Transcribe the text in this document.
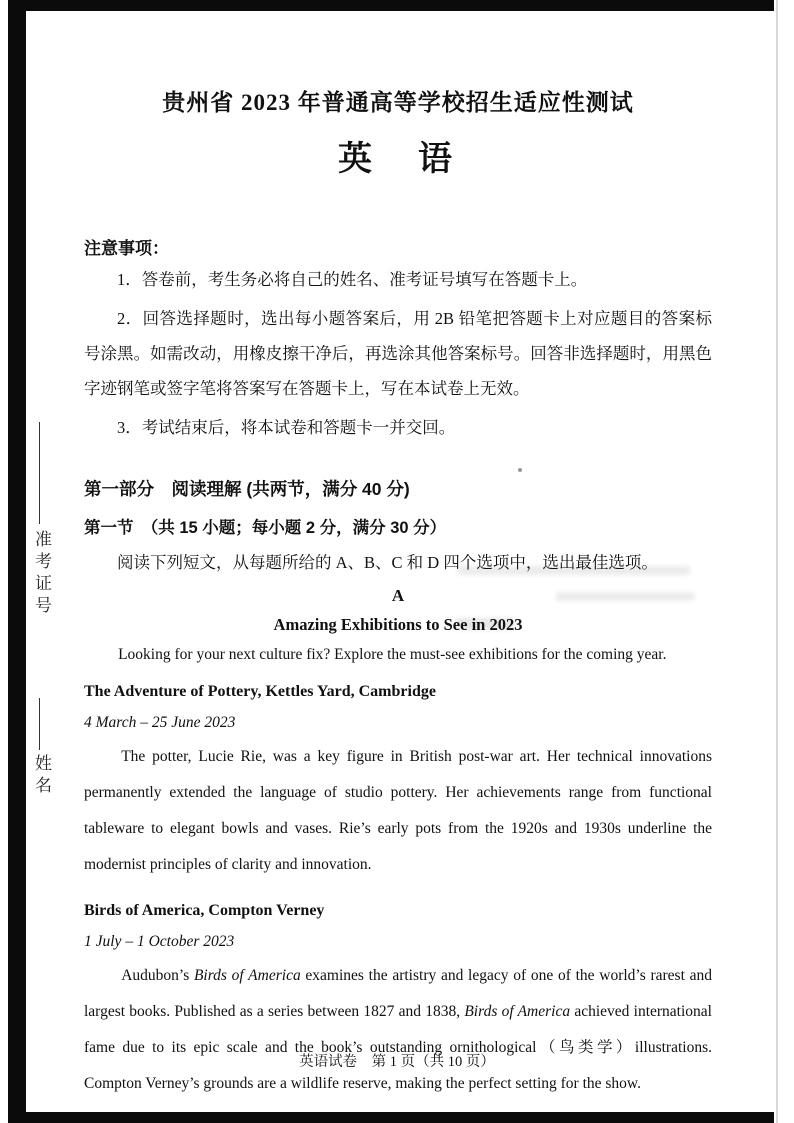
准考证号
姓名
贵州省 2023 年普通高等学校招生适应性测试
英　语
注意事项：
1．答卷前，考生务必将自己的姓名、准考证号填写在答题卡上。
2．回答选择题时，选出每小题答案后，用 2B 铅笔把答题卡上对应题目的答案标号涂黑。如需改动，用橡皮擦干净后，再选涂其他答案标号。回答非选择题时，用黑色字迹钢笔或签字笔将答案写在答题卡上，写在本试卷上无效。
3．考试结束后，将本试卷和答题卡一并交回。
第一部分　阅读理解 (共两节，满分 40 分)
第一节　（共 15 小题；每小题 2 分，满分 30 分）
阅读下列短文，从每题所给的 A、B、C 和 D 四个选项中，选出最佳选项。
A
Amazing Exhibitions to See in 2023
Looking for your next culture fix? Explore the must-see exhibitions for the coming year.
The Adventure of Pottery, Kettles Yard, Cambridge
4 March – 25 June 2023
The potter, Lucie Rie, was a key figure in British post-war art. Her technical innovations permanently extended the language of studio pottery. Her achievements range from functional tableware to elegant bowls and vases. Rie’s early pots from the 1920s and 1930s underline the modernist principles of clarity and innovation.
Birds of America, Compton Verney
1 July – 1 October 2023
Audubon’s Birds of America examines the artistry and legacy of one of the world’s rarest and largest books. Published as a series between 1827 and 1838, Birds of America achieved international fame due to its epic scale and the book’s outstanding ornithological（鸟类学）illustrations. Compton Verney’s grounds are a wildlife reserve, making the perfect setting for the show.
英语试卷　第 1 页（共 10 页）
